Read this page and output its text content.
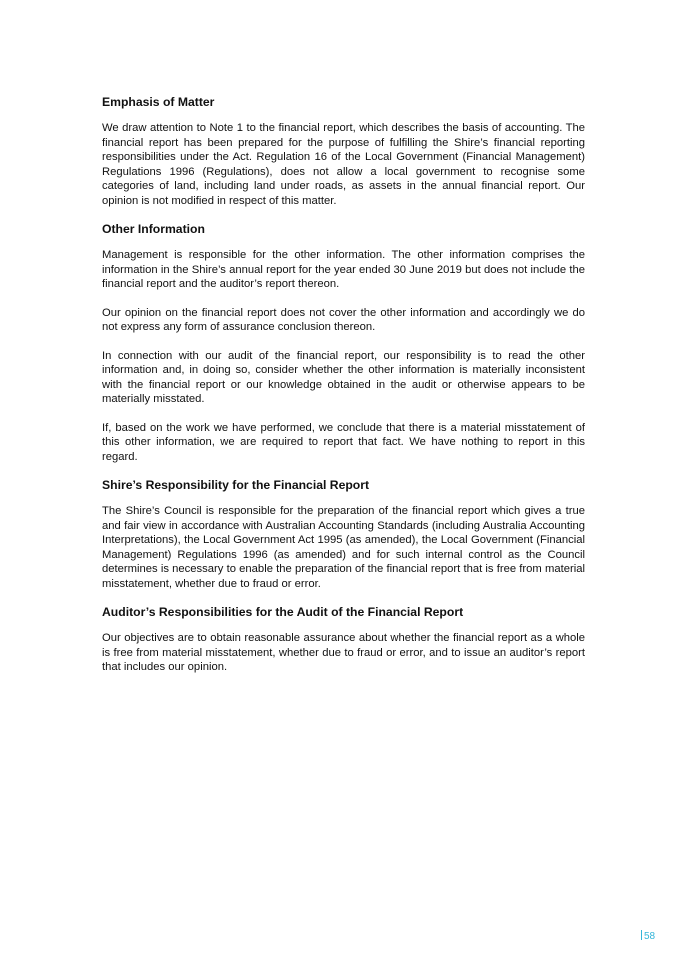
Emphasis of Matter

We draw attention to Note 1 to the financial report, which describes the basis of accounting. The financial report has been prepared for the purpose of fulfilling the Shire’s financial reporting responsibilities under the Act. Regulation 16 of the Local Government (Financial Management) Regulations 1996 (Regulations), does not allow a local government to recognise some categories of land, including land under roads, as assets in the annual financial report. Our opinion is not modified in respect of this matter.

Other Information

Management is responsible for the other information. The other information comprises the information in the Shire’s annual report for the year ended 30 June 2019 but does not include the financial report and the auditor’s report thereon.

Our opinion on the financial report does not cover the other information and accordingly we do not express any form of assurance conclusion thereon.

In connection with our audit of the financial report, our responsibility is to read the other information and, in doing so, consider whether the other information is materially inconsistent with the financial report or our knowledge obtained in the audit or otherwise appears to be materially misstated.

If, based on the work we have performed, we conclude that there is a material misstatement of this other information, we are required to report that fact. We have nothing to report in this regard.

Shire’s Responsibility for the Financial Report

The Shire’s Council is responsible for the preparation of the financial report which gives a true and fair view in accordance with Australian Accounting Standards (including Australia Accounting Interpretations), the Local Government Act 1995 (as amended), the Local Government (Financial Management) Regulations 1996 (as amended) and for such internal control as the Council determines is necessary to enable the preparation of the financial report that is free from material misstatement, whether due to fraud or error.

Auditor’s Responsibilities for the Audit of the Financial Report

Our objectives are to obtain reasonable assurance about whether the financial report as a whole is free from material misstatement, whether due to fraud or error, and to issue an auditor’s report that includes our opinion.

58
